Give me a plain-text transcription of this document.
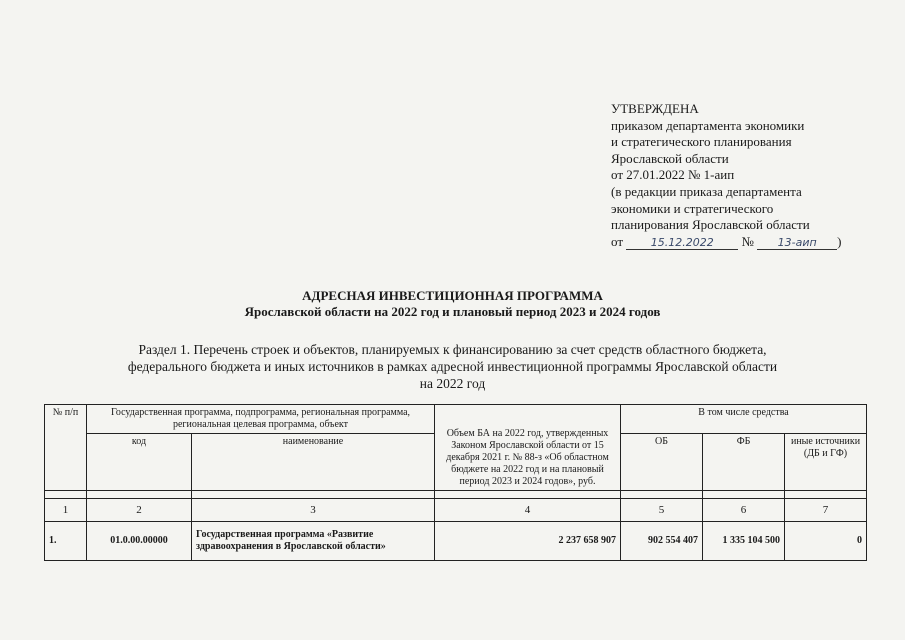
УТВЕРЖДЕНА
приказом департамента экономики
и стратегического планирования
Ярославской области
от 27.01.2022 № 1-аип
(в редакции приказа департамента
экономики и стратегического
планирования Ярославской области
от	15.12.2022 № 13-аип )
АДРЕСНАЯ ИНВЕСТИЦИОННАЯ ПРОГРАММА
Ярославской области на 2022 год и плановый период 2023 и 2024 годов
Раздел 1. Перечень строек и объектов, планируемых к финансированию за счет средств областного бюджета,
федерального бюджета и иных источников в рамках адресной инвестиционной программы Ярославской области
на 2022 год
№ п/п	Государственная программа, подпрограмма, региональная программа, региональная целевая программа, объект		Объем БА на 2022 год, утвержденных Законом Ярославской области от 15 декабря 2021 г. № 88-з «Об областном бюджете на 2022 год и на плановый период 2023 и 2024 годов», руб.	В том числе средства		
	код	наименование		ОБ	ФБ	иные источники (ДБ и ГФ)

1	2	3	4	5	6	7
1.	01.0.00.00000	Государственная программа «Развитие здравоохранения в Ярославской области»	2 237 658 907	902 554 407	1 335 104 500	0
